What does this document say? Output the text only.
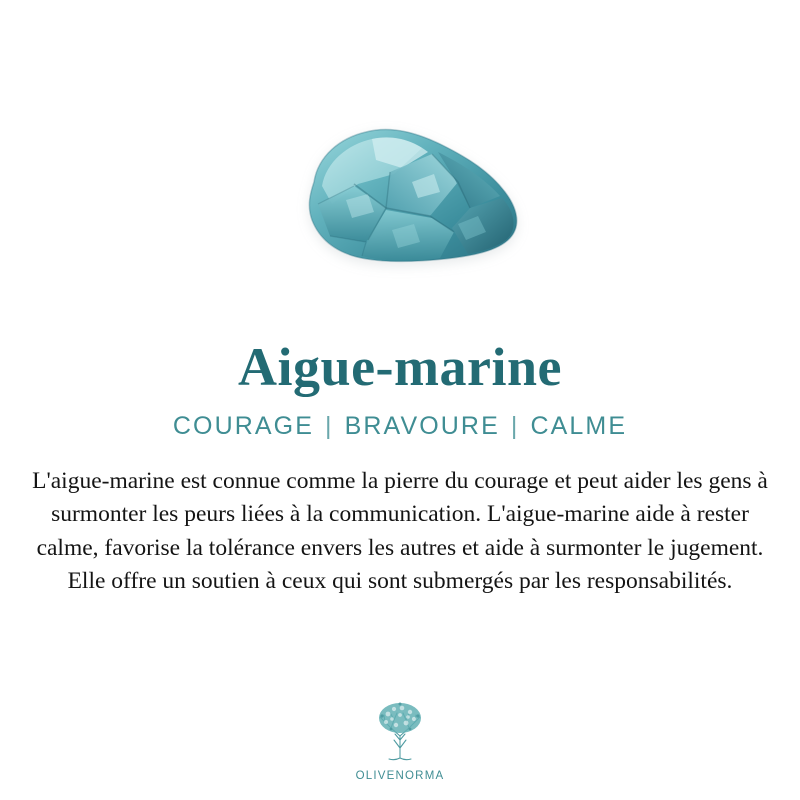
Aigue-marine
COURAGE | BRAVOURE | CALME

L'aigue-marine est connue comme la pierre du courage et peut aider les gens à surmonter les peurs liées à la communication. L'aigue-marine aide à rester calme, favorise la tolérance envers les autres et aide à surmonter le jugement. Elle offre un soutien à ceux qui sont submergés par les responsabilités.

OLIVENORMA
